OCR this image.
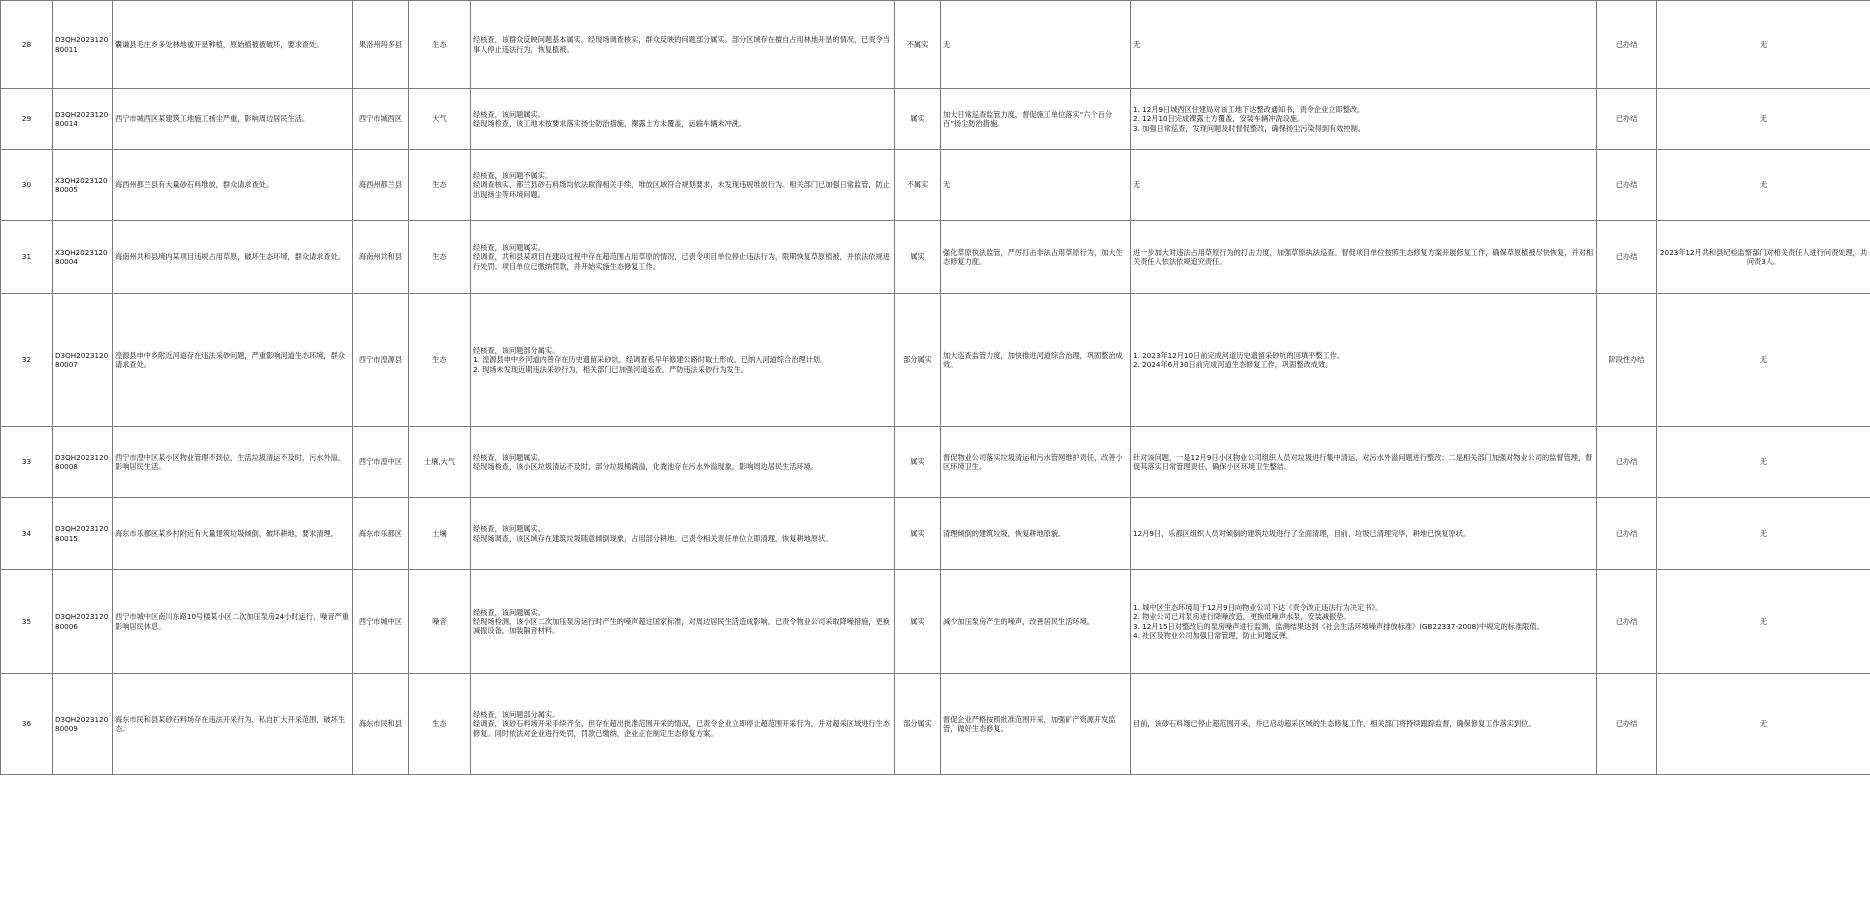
28	D3QH202312080011	囊谦县毛庄乡多处林地被开垦种植，原始植被被破坏，要求查处。	果洛州玛多县	生态	经核查，该群众反映问题基本属实。经现场调查核实，群众反映的问题部分属实。部分区域存在擅自占用林地开垦的情况，已责令当事人停止违法行为，恢复植被。	不属实	无	无	已办结	无

29	D3QH202312080014	西宁市城西区某建筑工地施工扬尘严重，影响周边居民生活。	西宁市城西区	大气	经核查，该问题属实。
经现场检查，该工地未按要求落实扬尘防治措施，裸露土方未覆盖，运输车辆未冲洗。	属实	加大日常巡查监管力度，督促施工单位落实“六个百分百”扬尘防治措施。	1. 12月9日城西区住建局对该工地下达整改通知书，责令企业立即整改。
2. 12月10日完成裸露土方覆盖，安装车辆冲洗设施。
3. 加强日常巡查，发现问题及时督促整改，确保扬尘污染得到有效控制。	已办结	无

30	X3QH202312080005	海西州都兰县有大量砂石料堆放，群众请求查处。	海西州都兰县	生态	经核查，该问题不属实。
经调查核实，都兰县砂石料场均依法取得相关手续，堆放区域符合规划要求，未发现违规堆放行为。相关部门已加强日常监管，防止出现扬尘等环境问题。	不属实	无	无	已办结	无

31	X3QH202312080004	海南州共和县境内某项目违规占用草原，破坏生态环境，群众请求查处。	海南州共和县	生态	经核查，该问题属实。
经调查，共和县某项目在建设过程中存在超范围占用草原的情况，已责令项目单位停止违法行为，限期恢复草原植被，并依法依规进行处罚。项目单位已缴纳罚款，并开始实施生态修复工作。	属实	强化草原执法监管，严厉打击非法占用草原行为，加大生态修复力度。	进一步加大对违法占用草原行为的打击力度，加强草原执法巡查。督促项目单位按照生态修复方案开展修复工作，确保草原植被尽快恢复，并对相关责任人依法依规追究责任。	已办结	2023年12月共和县纪检监察部门对相关责任人进行问责处理，共问责3人。

32	D3QH202312080007	湟源县申中乡附近河道存在违法采砂问题，严重影响河道生态环境，群众请求查处。	西宁市湟源县	生态	经核查，该问题部分属实。
1. 湟源县申中乡河道内曾存在历史遗留采砂坑，经调查系早年修建公路时取土形成，已纳入河道综合治理计划。
2. 现场未发现近期违法采砂行为，相关部门已加强河道巡查，严防违法采砂行为发生。	部分属实	加大巡查监管力度，加快推进河道综合治理，巩固整治成效。	1. 2023年12月10日前完成河道历史遗留采砂坑的回填平整工作。
2. 2024年6月30日前完成河道生态修复工作，巩固整改成效。	阶段性办结	无

33	D3QH202312080008	西宁市湟中区某小区物业管理不到位，生活垃圾清运不及时，污水外溢，影响居民生活。	西宁市湟中区	土壤,大气	经核查，该问题属实。
经现场检查，该小区垃圾清运不及时，部分垃圾桶满溢，化粪池存在污水外溢现象，影响周边居民生活环境。	属实	督促物业公司落实垃圾清运和污水管网维护责任，改善小区环境卫生。	针对该问题，一是12月9日小区物业公司组织人员对垃圾进行集中清运，对污水外溢问题进行整改；二是相关部门加强对物业公司的监督管理，督促其落实日常管理责任，确保小区环境卫生整洁。	已办结	无

34	D3QH202312080015	海东市乐都区某乡村附近有大量建筑垃圾倾倒，破坏耕地，要求清理。	海东市乐都区	土壤	经核查，该问题属实。
经现场调查，该区域存在建筑垃圾随意倾倒现象，占用部分耕地。已责令相关责任单位立即清理，恢复耕地原状。	属实	清理倾倒的建筑垃圾，恢复耕地原貌。	12月9日，乐都区组织人员对倾倒的建筑垃圾进行了全面清理，目前，垃圾已清理完毕，耕地已恢复原状。	已办结	无

35	D3QH202312080006	西宁市城中区南川东路10号楼某小区二次加压泵房24小时运行，噪音严重影响居民休息。	西宁市城中区	噪音	经核查，该问题属实。
经现场检测，该小区二次加压泵房运行时产生的噪声超过国家标准，对周边居民生活造成影响。已责令物业公司采取降噪措施，更换减振设备，加装隔音材料。	属实	减少加压泵房产生的噪声，改善居民生活环境。	1. 城中区生态环境局于12月9日向物业公司下达《责令改正违法行为决定书》。
2. 物业公司已对泵房进行降噪改造，更换低噪声水泵，安装减振垫。
3. 12月15日对整改后的泵房噪声进行监测，监测结果达到《社会生活环境噪声排放标准》(GB22337-2008)中规定的标准限值。
4. 社区及物业公司加强日常管理，防止问题反弹。	已办结	无

36	D3QH202312080009	海东市民和县某砂石料场存在违法开采行为，私自扩大开采范围，破坏生态。	海东市民和县	生态	经核查，该问题部分属实。
经调查，该砂石料场开采手续齐全，但存在超出批准范围开采的情况，已责令企业立即停止超范围开采行为，并对超采区域进行生态修复。同时依法对企业进行处罚，罚款已缴纳，企业正在制定生态修复方案。	部分属实	督促企业严格按照批准范围开采，加强矿产资源开发监管，做好生态修复。	目前，该砂石料场已停止超范围开采，并已启动超采区域的生态修复工作，相关部门将持续跟踪监督，确保修复工作落实到位。	已办结	无
